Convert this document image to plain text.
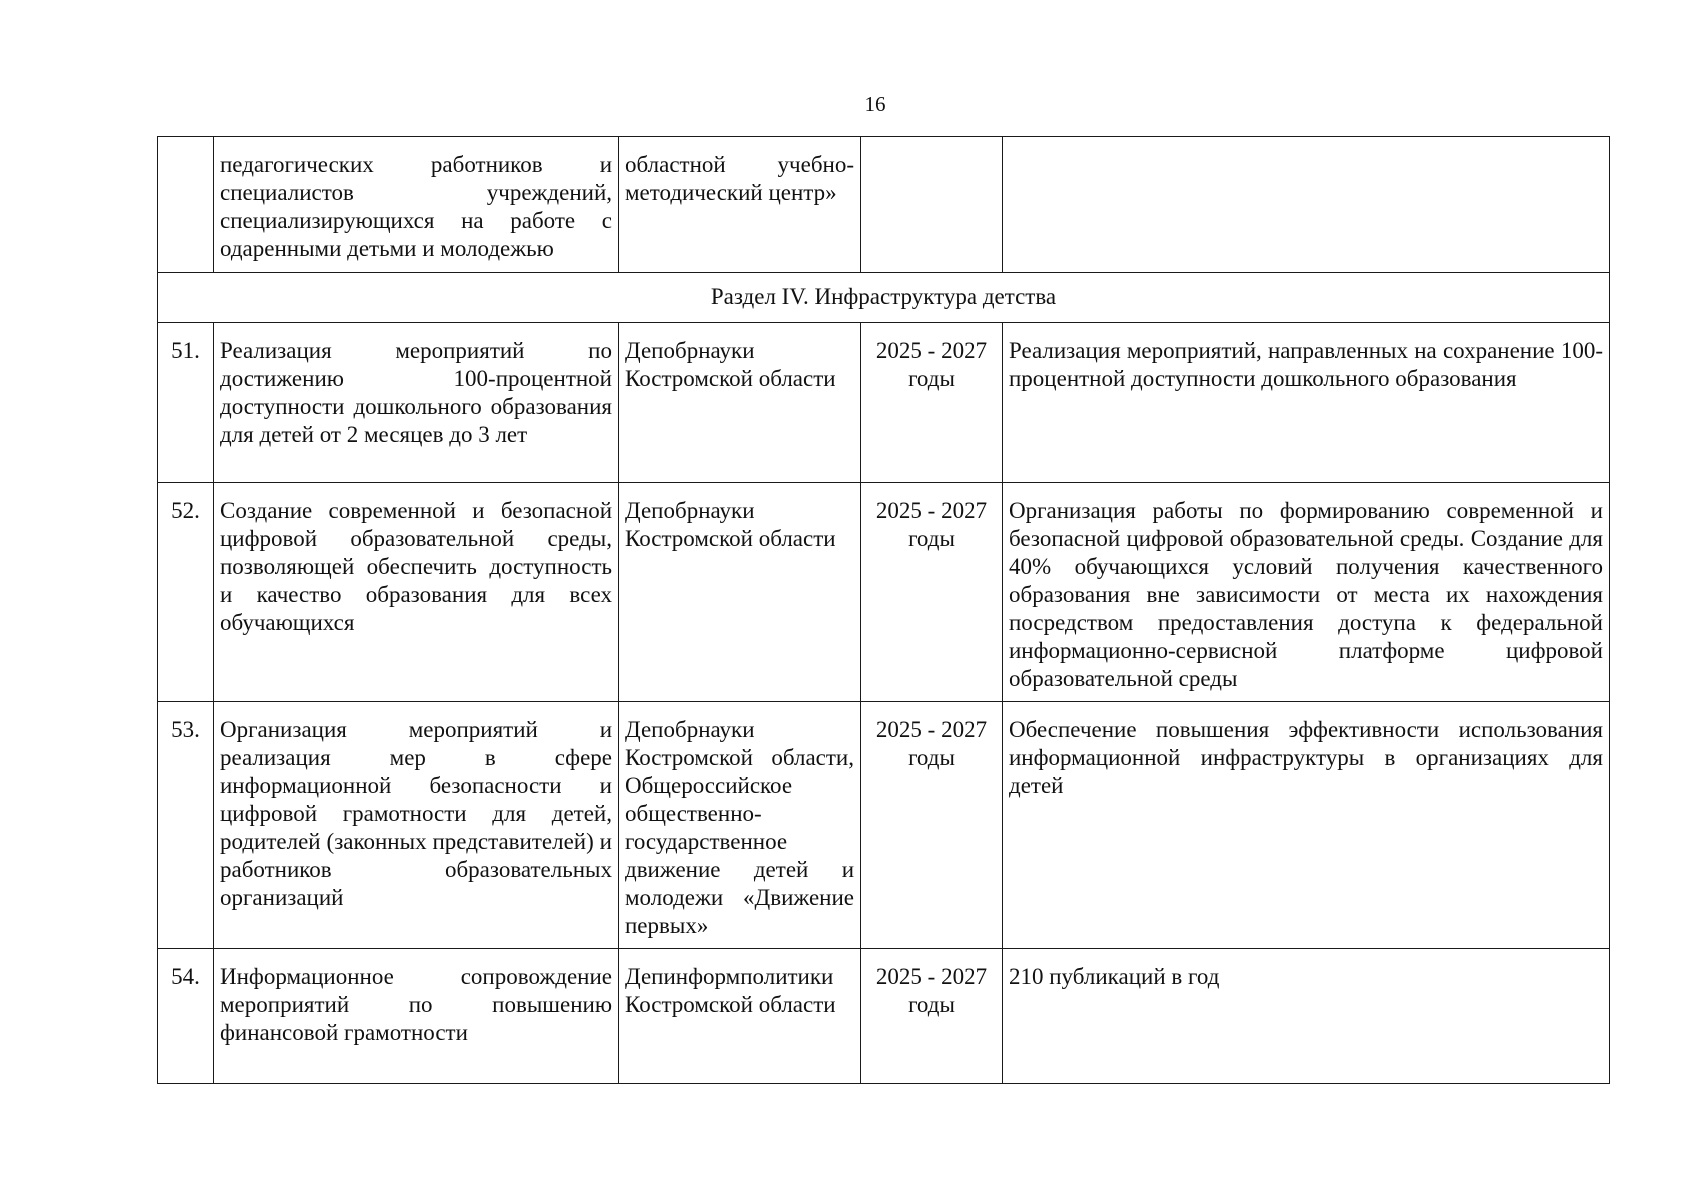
16
	педагогических работников и специалистов учреждений, специализирующихся на работе с одаренными детьми и молодежью	областной учебно-методический центр»		
Раздел IV. Инфраструктура детства				
51.	Реализация мероприятий по достижению 100-процентной доступности дошкольного образования для детей от 2 месяцев до 3 лет	Депобрнауки Костромской области	2025 - 2027 годы	Реализация мероприятий, направленных на сохранение 100-процентной доступности дошкольного образования
52.	Создание современной и безопасной цифровой образовательной среды, позволяющей обеспечить доступность и качество образования для всех обучающихся	Депобрнауки Костромской области	2025 - 2027 годы	Организация работы по формированию современной и безопасной цифровой образовательной среды. Создание для 40% обучающихся условий получения качественного образования вне зависимости от места их нахождения посредством предоставления доступа к федеральной информационно-сервисной платформе цифровой образовательной среды
53.	Организация мероприятий и реализация мер в сфере информационной безопасности и цифровой грамотности для детей, родителей (законных представителей) и работников образовательных организаций	Депобрнауки Костромской области, Общероссийское общественно-государственное движение детей и молодежи «Движение первых»	2025 - 2027 годы	Обеспечение повышения эффективности использования информационной инфраструктуры в организациях для детей
54.	Информационное сопровождение мероприятий по повышению финансовой грамотности	Депинформполитики Костромской области	2025 - 2027 годы	210 публикаций в год
